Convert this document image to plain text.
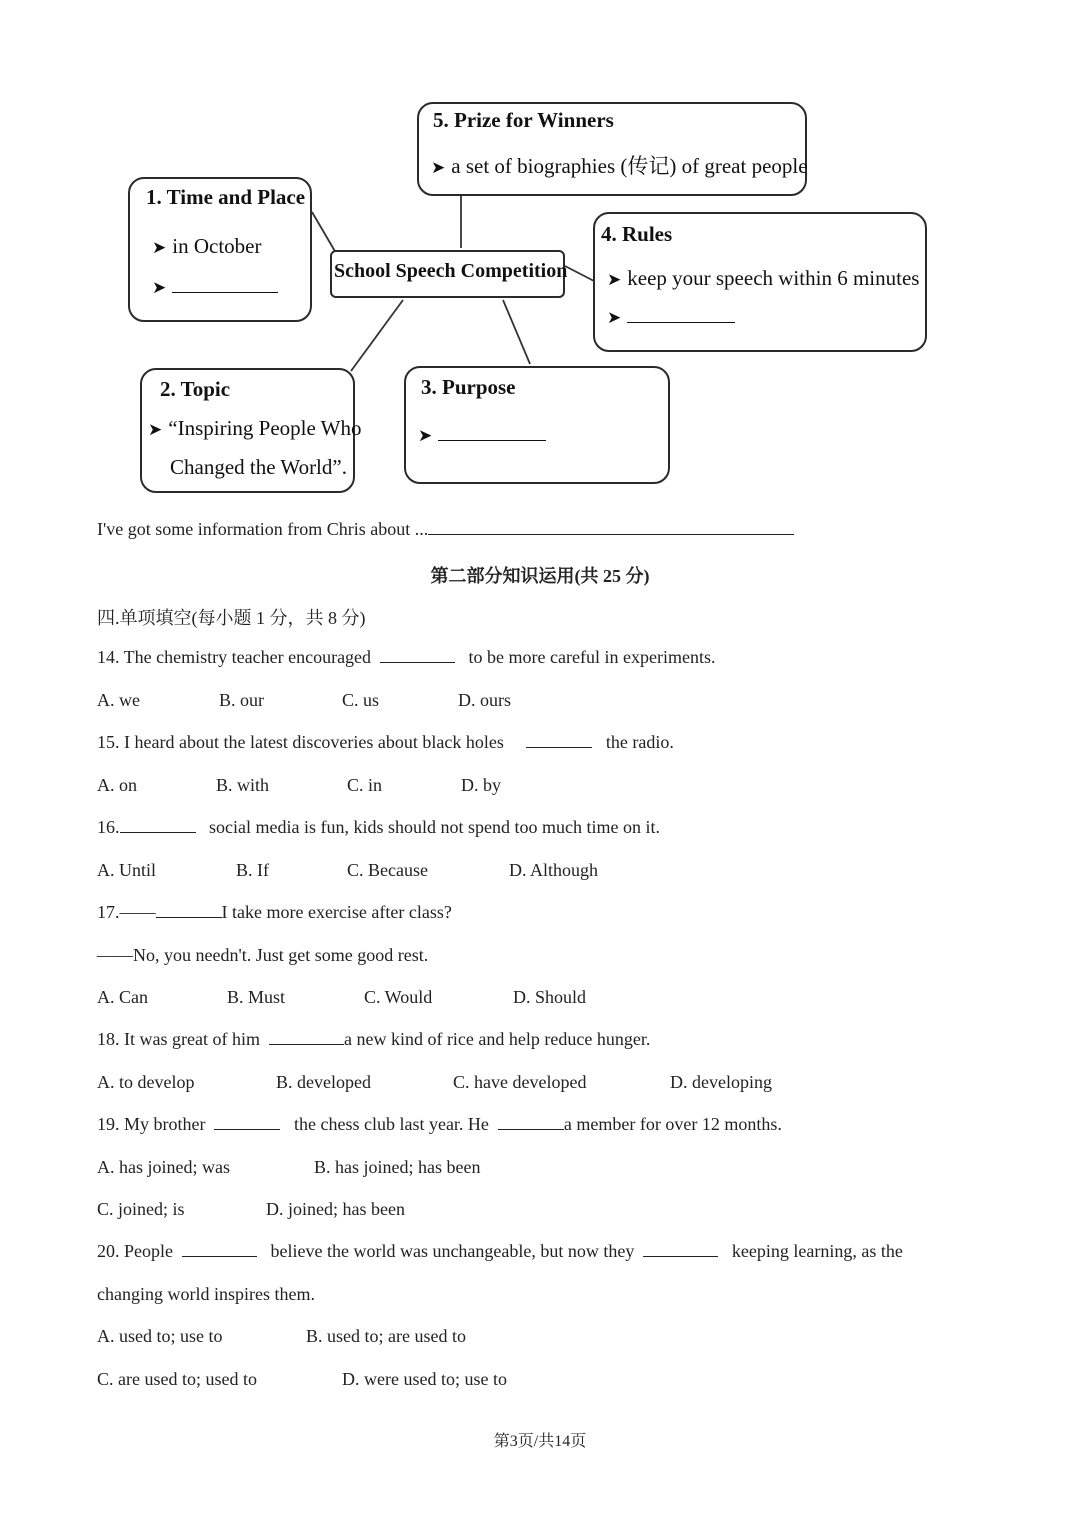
5. Prize for Winners
➤ a set of biographies (传记) of great people
1. Time and Place
➤ in October
➤
School Speech Competition
4. Rules
➤ keep your speech within 6 minutes
➤
2. Topic
➤ “Inspiring People Who
Changed the World”.
3. Purpose
➤
I've got some information from Chris about ...
第二部分知识运用(共 25 分)
四.单项填空(每小题 1 分，共 8 分)
14. The chemistry teacher encouraged	to be more careful in experiments.
A. we	B. our	C. us	D. ours
15. I heard about the latest discoveries about black holes	the radio.
A. on	B. with	C. in	D. by
16.	social media is fun, kids should not spend too much time on it.
A. Until	B. If	C. Because	D. Although
17.——	I take more exercise after class?
——No, you needn't. Just get some good rest.
A. Can	B. Must	C. Would	D. Should
18. It was great of him	a new kind of rice and help reduce hunger.
A. to develop	B. developed	C. have developed	D. developing
19. My brother	the chess club last year. He	a member for over 12 months.
A. has joined; was	B. has joined; has been
C. joined; is	D. joined; has been
20. People	believe the world was unchangeable, but now they	keeping learning, as the
changing world inspires them.
A. used to; use to	B. used to; are used to
C. are used to; used to	D. were used to; use to
第3页/共14页
